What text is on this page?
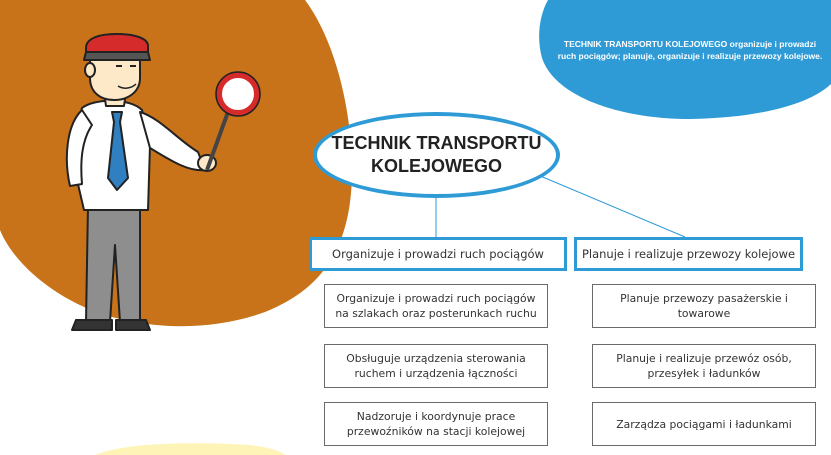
TECHNIK TRANSPORTU KOLEJOWEGO organizuje i prowadzi ruch pociągów; planuje, organizuje i realizuje przewozy kolejowe.
TECHNIK TRANSPORTU KOLEJOWEGO
Organizuje i prowadzi ruch pociągów	Planuje i realizuje przewozy kolejowe
Organizuje i prowadzi ruch pociągów na szlakach oraz posterunkach ruchu
Obsługuje urządzenia sterowania ruchem i urządzenia łączności
Nadzoruje i koordynuje prace przewoźników na stacji kolejowej
Planuje przewozy pasażerskie i towarowe
Planuje i realizuje przewóz osób, przesyłek i ładunków
Zarządza pociągami i ładunkami
